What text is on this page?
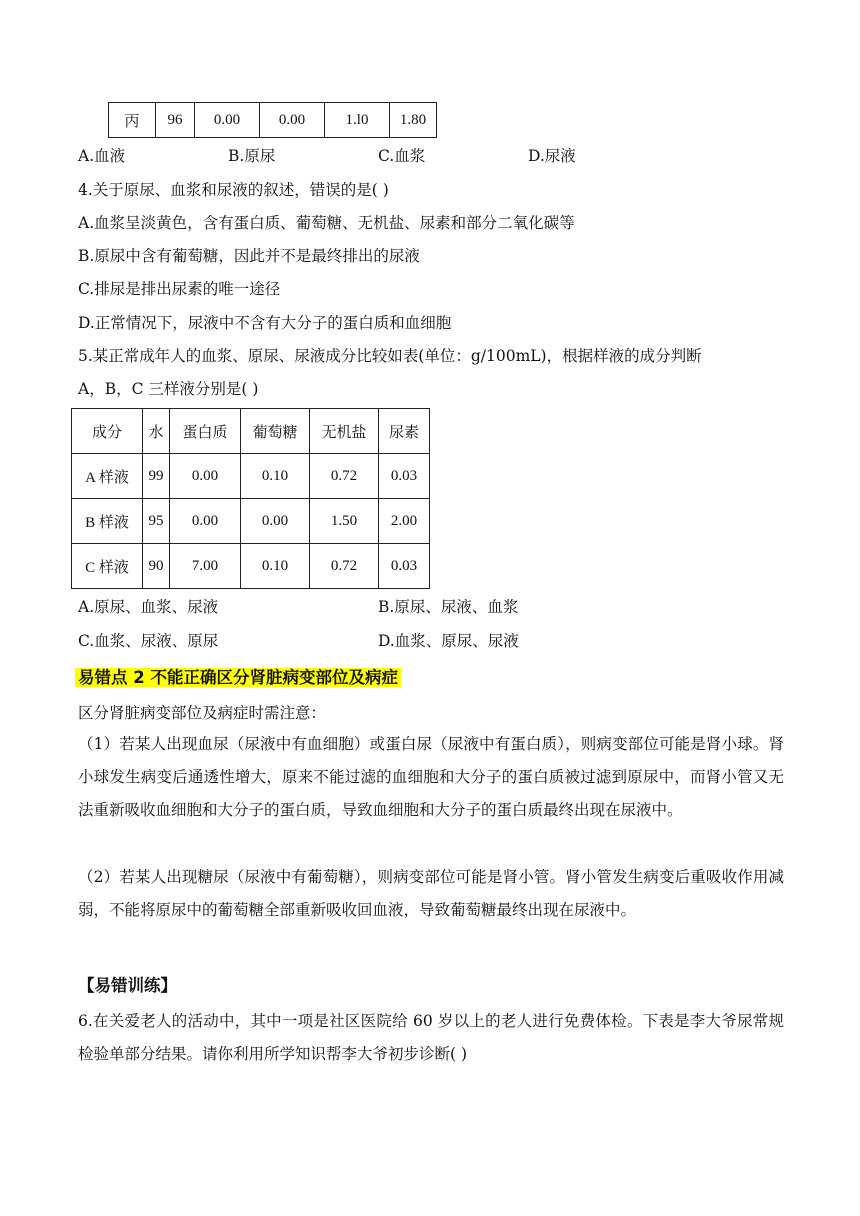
丙	96	0.00	0.00	1.l0	1.80
A.血液	B.原尿	C.血浆	D.尿液
4.关于原尿、血浆和尿液的叙述，错误的是( )
A.血浆呈淡黄色，含有蛋白质、葡萄糖、无机盐、尿素和部分二氧化碳等
B.原尿中含有葡萄糖，因此并不是最终排出的尿液
C.排尿是排出尿素的唯一途径
D.正常情况下，尿液中不含有大分子的蛋白质和血细胞
5.某正常成年人的血浆、原尿、尿液成分比较如表(单位：g/100mL)，根据样液的成分判断
A，B，C 三样液分别是( )
成分	水	蛋白质	葡萄糖	无机盐	尿素
A 样液	99	0.00	0.10	0.72	0.03
B 样液	95	0.00	0.00	1.50	2.00
C 样液	90	7.00	0.10	0.72	0.03
A.原尿、血浆、尿液	B.原尿、尿液、血浆
C.血浆、尿液、原尿	D.血浆、原尿、尿液
易错点 2 不能正确区分肾脏病变部位及病症
区分肾脏病变部位及病症时需注意：
（1）若某人出现血尿（尿液中有血细胞）或蛋白尿（尿液中有蛋白质），则病变部位可能是肾小球。肾小球发生病变后通透性增大，原来不能过滤的血细胞和大分子的蛋白质被过滤到原尿中，而肾小管又无法重新吸收血细胞和大分子的蛋白质，导致血细胞和大分子的蛋白质最终出现在尿液中。
（2）若某人出现糖尿（尿液中有葡萄糖），则病变部位可能是肾小管。肾小管发生病变后重吸收作用减弱，不能将原尿中的葡萄糖全部重新吸收回血液，导致葡萄糖最终出现在尿液中。
【易错训练】
6.在关爱老人的活动中，其中一项是社区医院给 60 岁以上的老人进行免费体检。下表是李大爷尿常规检验单部分结果。请你利用所学知识帮李大爷初步诊断( )
